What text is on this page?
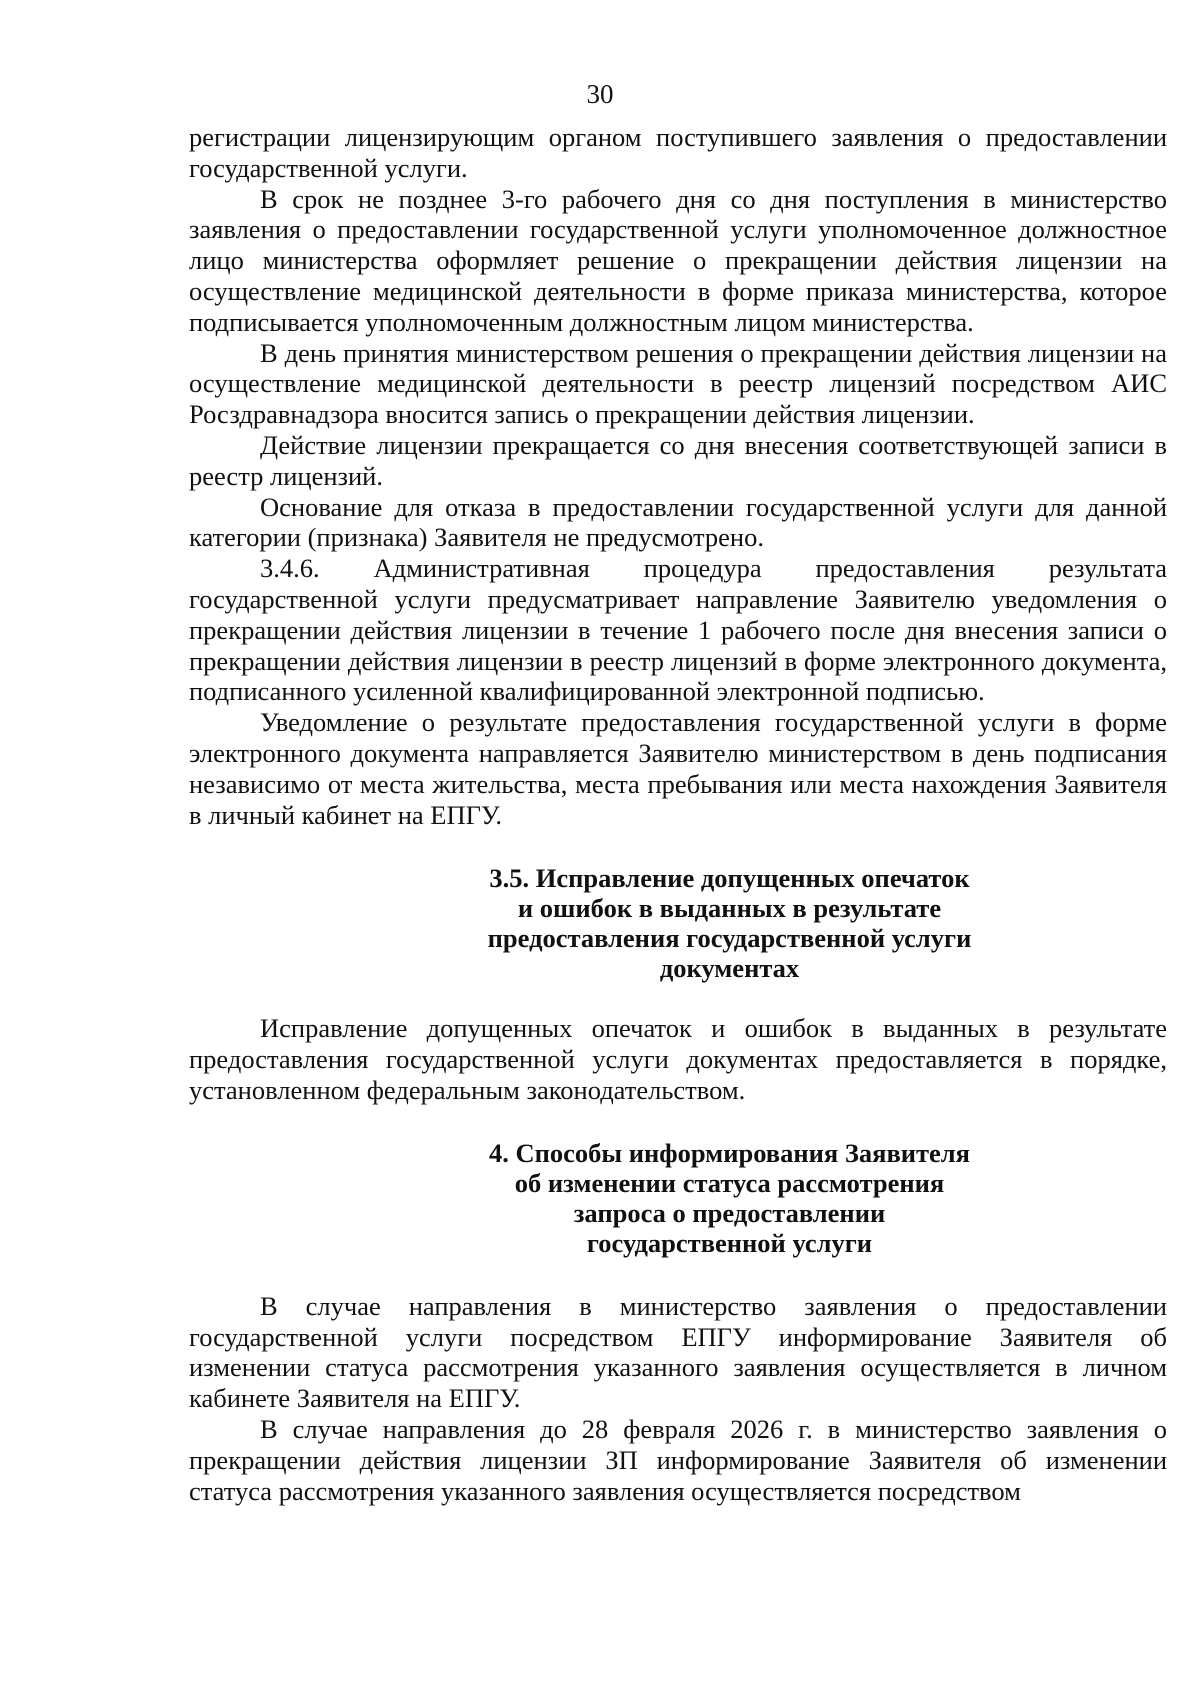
30

регистрации лицензирующим органом поступившего заявления о предоставлении государственной услуги.

В срок не позднее 3-го рабочего дня со дня поступления в министерство заявления о предоставлении государственной услуги уполномоченное должностное лицо министерства оформляет решение о прекращении действия лицензии на осуществление медицинской деятельности в форме приказа министерства, которое подписывается уполномоченным должностным лицом министерства.

В день принятия министерством решения о прекращении действия лицензии на осуществление медицинской деятельности в реестр лицензий посредством АИС Росздравнадзора вносится запись о прекращении действия лицензии.

Действие лицензии прекращается со дня внесения соответствующей записи в реестр лицензий.

Основание для отказа в предоставлении государственной услуги для данной категории (признака) Заявителя не предусмотрено.

3.4.6. Административная процедура предоставления результата государственной услуги предусматривает направление Заявителю уведомления о прекращении действия лицензии в течение 1 рабочего после дня внесения записи о прекращении действия лицензии в реестр лицензий в форме электронного документа, подписанного усиленной квалифицированной электронной подписью.

Уведомление о результате предоставления государственной услуги в форме электронного документа направляется Заявителю министерством в день подписания независимо от места жительства, места пребывания или места нахождения Заявителя в личный кабинет на ЕПГУ.

3.5. Исправление допущенных опечаток
и ошибок в выданных в результате
предоставления государственной услуги
документах

Исправление допущенных опечаток и ошибок в выданных в результате предоставления государственной услуги документах предоставляется в порядке, установленном федеральным законодательством.

4. Способы информирования Заявителя
об изменении статуса рассмотрения
запроса о предоставлении
государственной услуги

В случае направления в министерство заявления о предоставлении государственной услуги посредством ЕПГУ информирование Заявителя об изменении статуса рассмотрения указанного заявления осуществляется в личном кабинете Заявителя на ЕПГУ.

В случае направления до 28 февраля 2026 г. в министерство заявления о прекращении действия лицензии ЗП информирование Заявителя об изменении статуса рассмотрения указанного заявления осуществляется посредством
